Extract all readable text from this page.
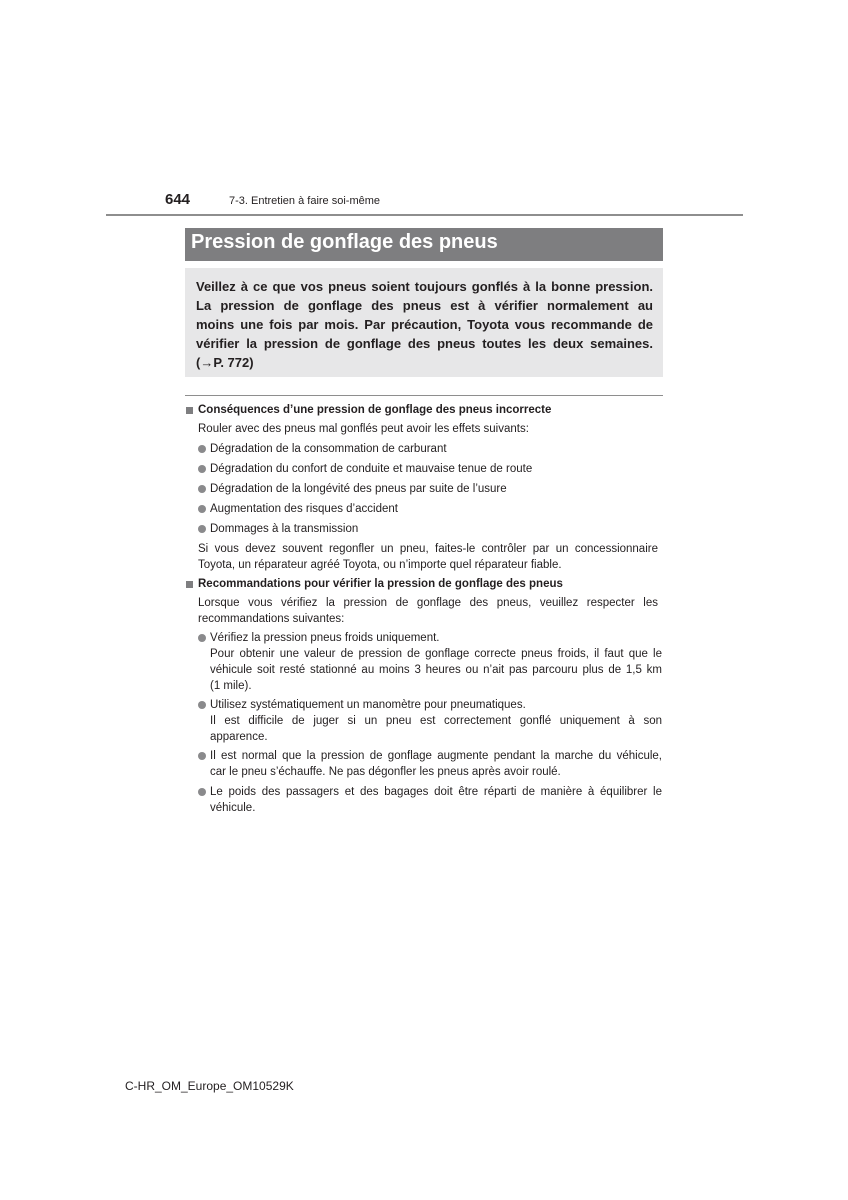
644	7-3. Entretien à faire soi-même
Pression de gonflage des pneus
Veillez à ce que vos pneus soient toujours gonflés à la bonne pression.
La pression de gonflage des pneus est à vérifier normalement au
moins une fois par mois. Par précaution, Toyota vous recommande de
vérifier la pression de gonflage des pneus toutes les deux semaines.
(→P. 772)
Conséquences d’une pression de gonflage des pneus incorrecte
Rouler avec des pneus mal gonflés peut avoir les effets suivants:
Dégradation de la consommation de carburant
Dégradation du confort de conduite et mauvaise tenue de route
Dégradation de la longévité des pneus par suite de l’usure
Augmentation des risques d’accident
Dommages à la transmission
Si vous devez souvent regonfler un pneu, faites-le contrôler par un concessionnaire
Toyota, un réparateur agréé Toyota, ou n’importe quel réparateur fiable.
Recommandations pour vérifier la pression de gonflage des pneus
Lorsque vous vérifiez la pression de gonflage des pneus, veuillez respecter les
recommandations suivantes:
Vérifiez la pression pneus froids uniquement.
Pour obtenir une valeur de pression de gonflage correcte pneus froids, il faut que le
véhicule soit resté stationné au moins 3 heures ou n’ait pas parcouru plus de 1,5 km
(1 mile).
Utilisez systématiquement un manomètre pour pneumatiques.
Il est difficile de juger si un pneu est correctement gonflé uniquement à son
apparence.
Il est normal que la pression de gonflage augmente pendant la marche du véhicule,
car le pneu s’échauffe. Ne pas dégonfler les pneus après avoir roulé.
Le poids des passagers et des bagages doit être réparti de manière à équilibrer le
véhicule.
C-HR_OM_Europe_OM10529K
